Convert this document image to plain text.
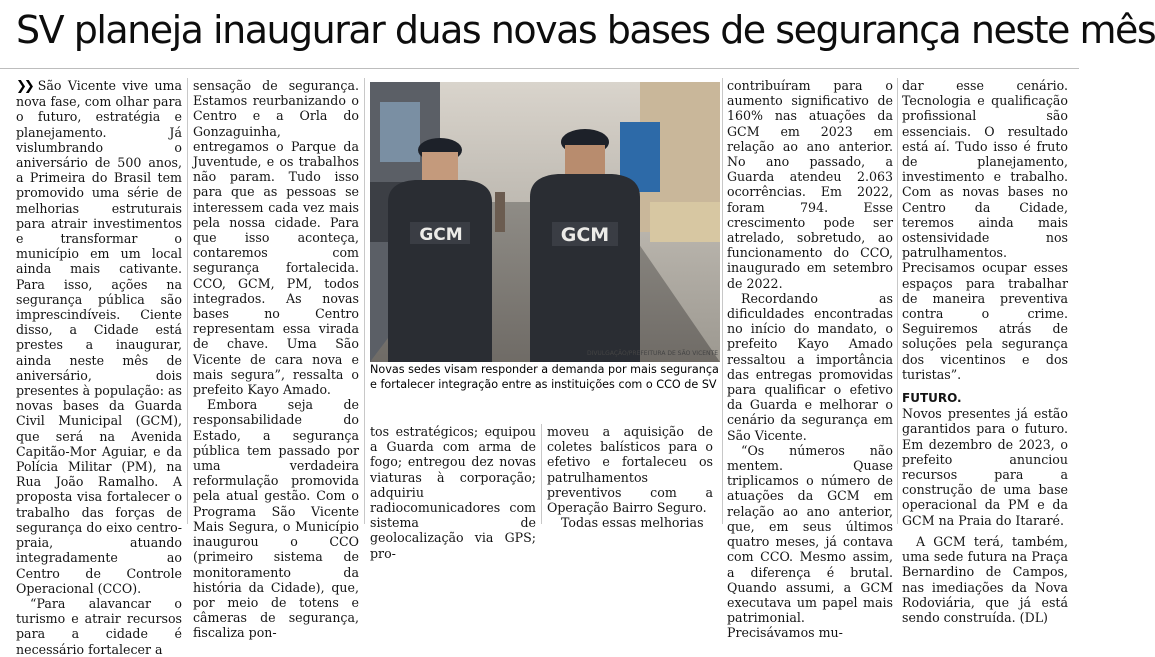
SV planeja inaugurar duas novas bases de segurança neste mês

❯❯ São Vicente vive uma nova fase, com olhar para o futuro, estratégia e planejamento. Já vislumbrando o aniversário de 500 anos, a Primeira do Brasil tem promovido uma série de melhorias estruturais para atrair investimentos e transformar o município em um local ainda mais cativante. Para isso, ações na segurança pública são imprescindíveis. Ciente disso, a Cidade está prestes a inaugurar, ainda neste mês de aniversário, dois presentes à população: as novas bases da Guarda Civil Municipal (GCM), que será na Avenida Capitão-Mor Aguiar, e da Polícia Militar (PM), na Rua João Ramalho. A proposta visa fortalecer o trabalho das forças de segurança do eixo centro-praia, atuando integradamente ao Centro de Controle Operacional (CCO).

“Para alavancar o turismo e atrair recursos para a cidade é necessário fortalecer a

sensação de segurança. Estamos reurbanizando o Centro e a Orla do Gonzaguinha, entregamos o Parque da Juventude, e os trabalhos não param. Tudo isso para que as pessoas se interessem cada vez mais pela nossa cidade. Para que isso aconteça, contaremos com segurança fortalecida. CCO, GCM, PM, todos integrados. As novas bases no Centro representam essa virada de chave. Uma São Vicente de cara nova e mais segura”, ressalta o prefeito Kayo Amado.

Embora seja de responsabilidade do Estado, a segurança pública tem passado por uma verdadeira reformulação promovida pela atual gestão. Com o Programa São Vicente Mais Segura, o Município inaugurou o CCO (primeiro sistema de monitoramento da história da Cidade), que, por meio de totens e câmeras de segurança, fiscaliza pon-

GCM	GCM
DIVULGAÇÃO/PREFEITURA DE SÃO VICENTE
Novas sedes visam responder a demanda por mais segurança e fortalecer integração entre as instituições com o CCO de SV

tos estratégicos; equipou a Guarda com arma de fogo; entregou dez novas viaturas à corporação; adquiriu radiocomunicadores com sistema de geolocalização via GPS; pro-

moveu a aquisição de coletes balísticos para o efetivo e fortaleceu os patrulhamentos preventivos com a Operação Bairro Seguro.

Todas essas melhorias

contribuíram para o aumento significativo de 160% nas atuações da GCM em 2023 em relação ao ano anterior. No ano passado, a Guarda atendeu 2.063 ocorrências. Em 2022, foram 794. Esse crescimento pode ser atrelado, sobretudo, ao funcionamento do CCO, inaugurado em setembro de 2022.

Recordando as dificuldades encontradas no início do mandato, o prefeito Kayo Amado ressaltou a importância das entregas promovidas para qualificar o efetivo da Guarda e melhorar o cenário da segurança em São Vicente.

“Os números não mentem. Quase triplicamos o número de atuações da GCM em relação ao ano anterior, que, em seus últimos quatro meses, já contava com CCO. Mesmo assim, a diferença é brutal. Quando assumi, a GCM executava um papel mais patrimonial. Precisávamos mu-

dar esse cenário. Tecnologia e qualificação profissional são essenciais. O resultado está aí. Tudo isso é fruto de planejamento, investimento e trabalho. Com as novas bases no Centro da Cidade, teremos ainda mais ostensividade nos patrulhamentos. Precisamos ocupar esses espaços para trabalhar de maneira preventiva contra o crime. Seguiremos atrás de soluções pela segurança dos vicentinos e dos turistas”.

FUTURO.

Novos presentes já estão garantidos para o futuro. Em dezembro de 2023, o prefeito anunciou recursos para a construção de uma base operacional da PM e da GCM na Praia do Itararé.

A GCM terá, também, uma sede futura na Praça Bernardino de Campos, nas imediações da Nova Rodoviária, que já está sendo construída. (DL)
